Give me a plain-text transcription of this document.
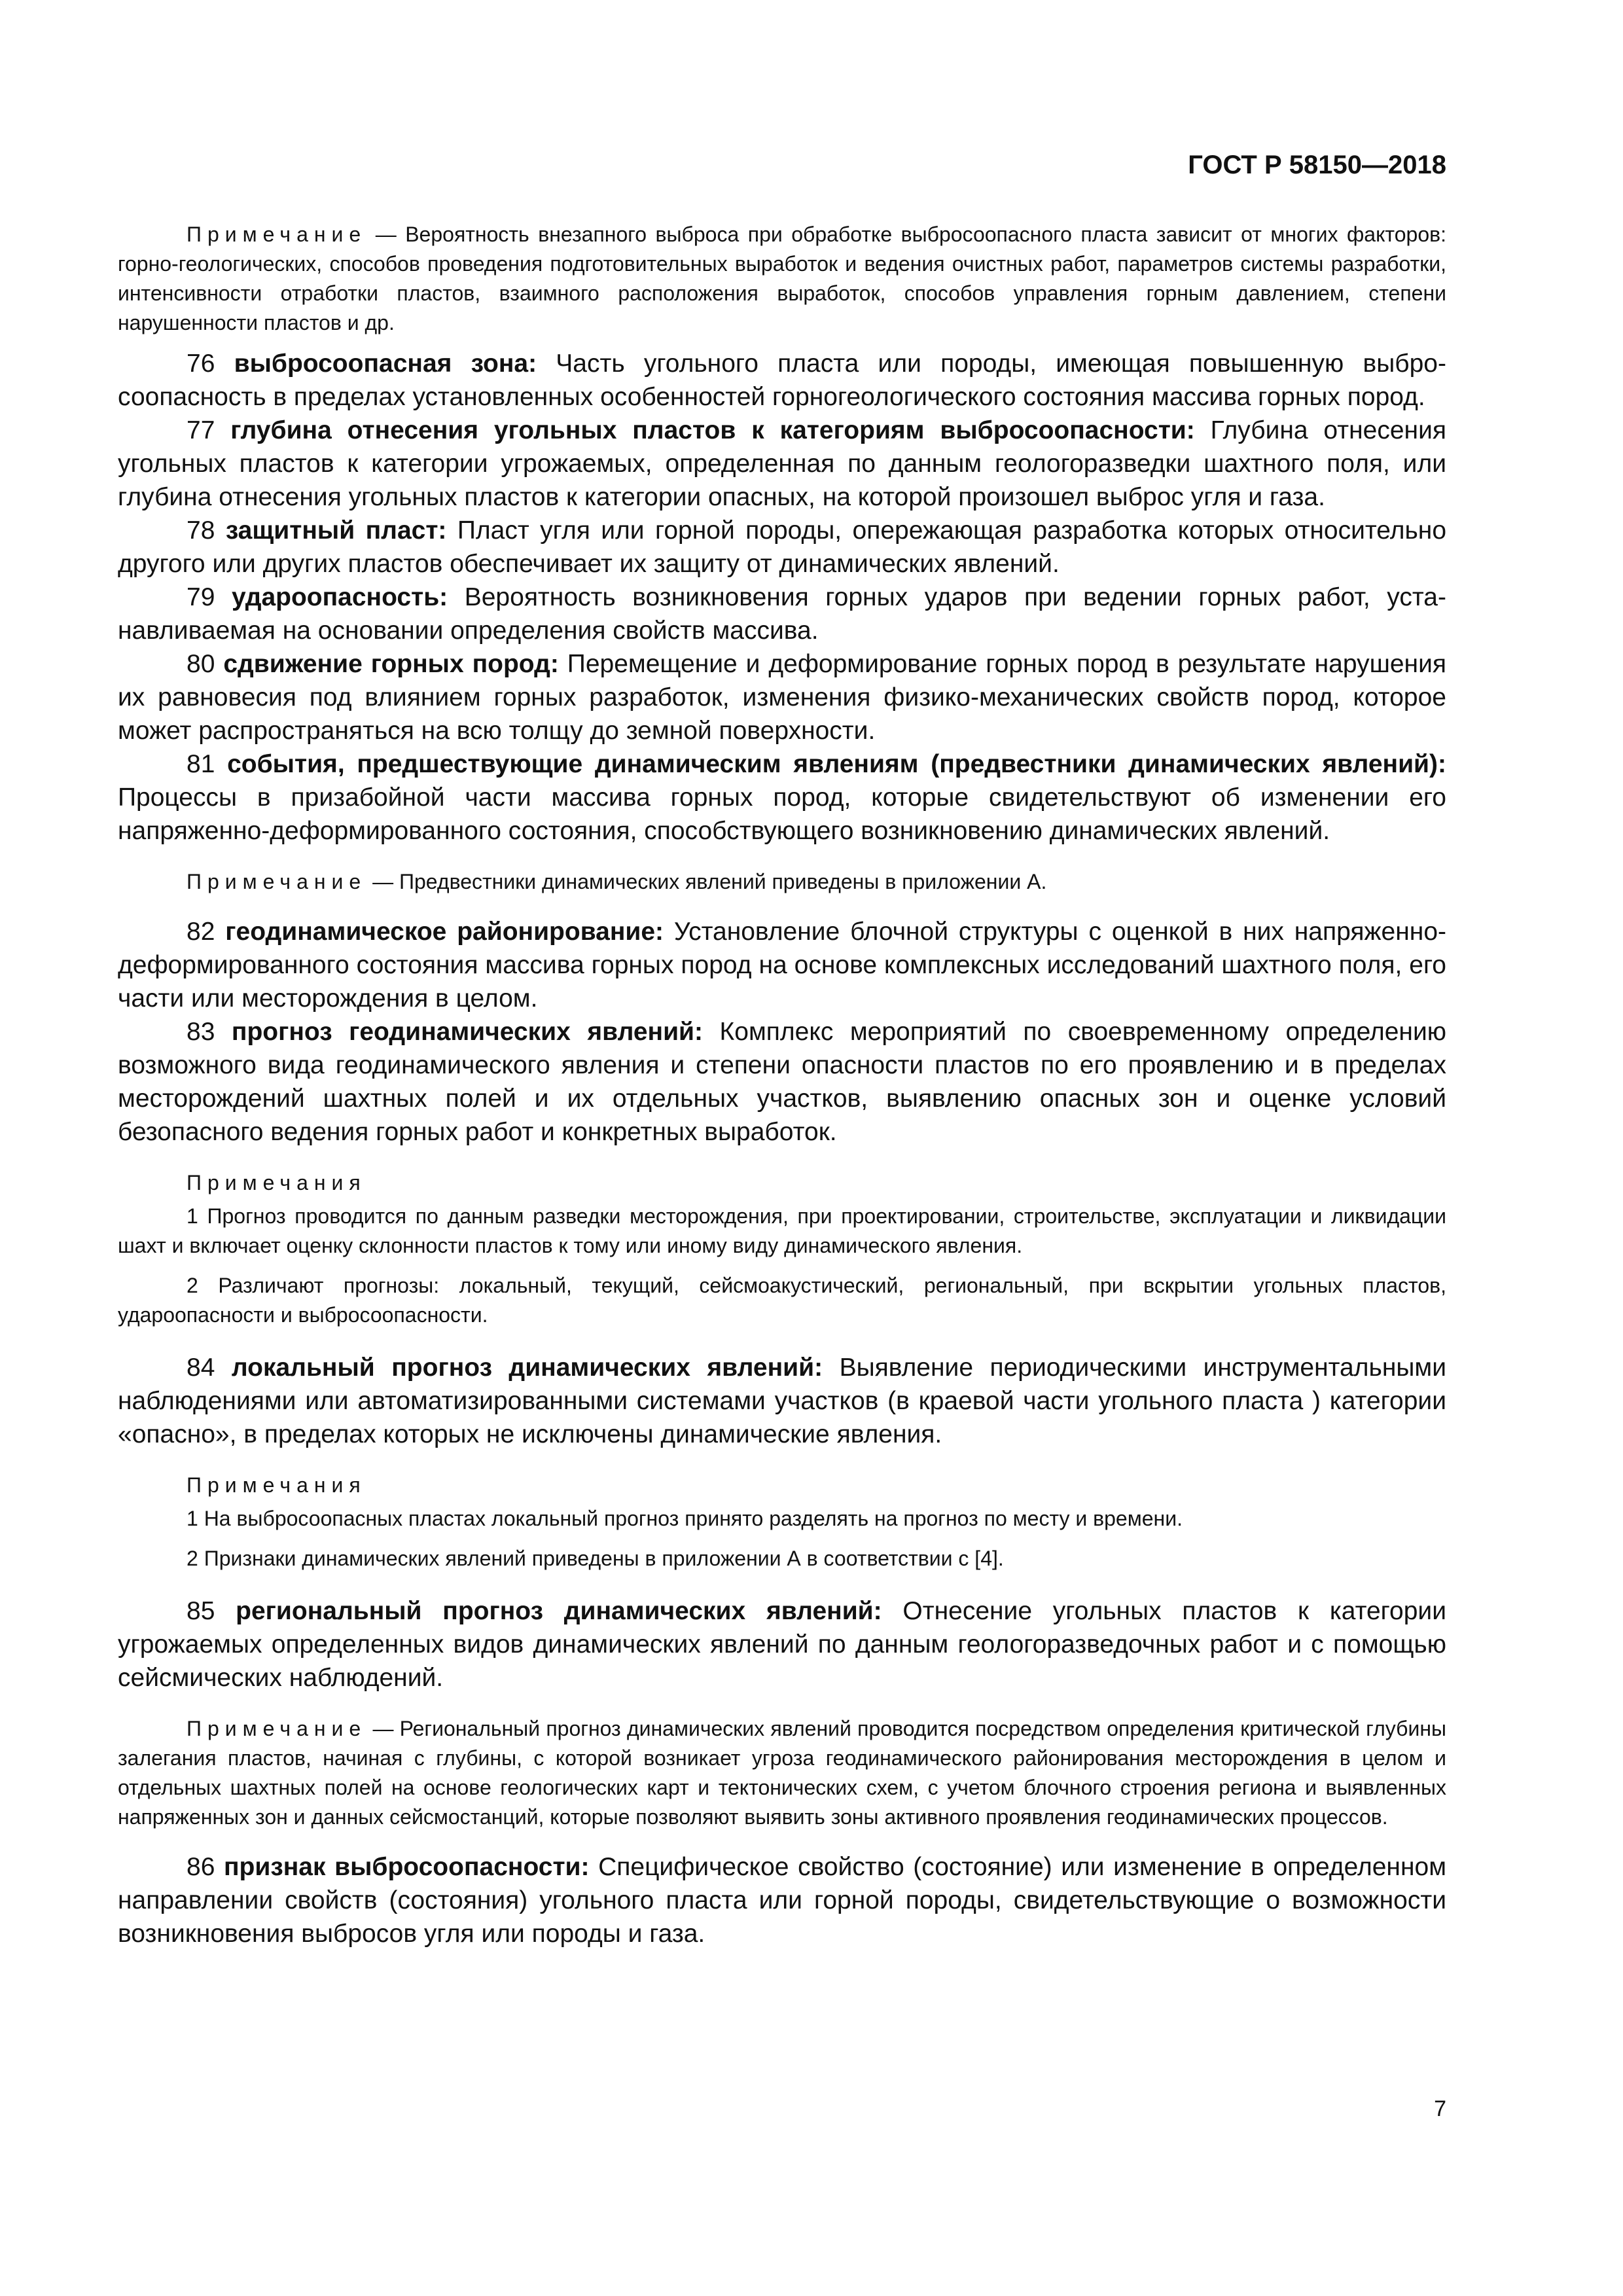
ГОСТ Р 58150—2018

Примечание — Вероятность внезапного выброса при обработке выбросоопасного пласта зависит от многих факторов: горно-геологических, способов проведения подготовительных выработок и ведения очистных работ, параметров системы разработки, интенсивности отработки пластов, взаимного расположения выработок, способов управления горным давлением, степени нарушенности пластов и др.

76 выбросоопасная зона: Часть угольного пласта или породы, имеющая повышенную выбросоопасность в пределах установленных особенностей горногеологического состояния массива горных пород.

77 глубина отнесения угольных пластов к категориям выбросоопасности: Глубина отнесения угольных пластов к категории угрожаемых, определенная по данным геологоразведки шахтного поля, или глубина отнесения угольных пластов к категории опасных, на которой произошел выброс угля и газа.

78 защитный пласт: Пласт угля или горной породы, опережающая разработка которых относительно другого или других пластов обеспечивает их защиту от динамических явлений.

79 удароопасность: Вероятность возникновения горных ударов при ведении горных работ, устанавливаемая на основании определения свойств массива.

80 сдвижение горных пород: Перемещение и деформирование горных пород в результате нарушения их равновесия под влиянием горных разработок, изменения физико-механических свойств пород, которое может распространяться на всю толщу до земной поверхности.

81 события, предшествующие динамическим явлениям (предвестники динамических явлений): Процессы в призабойной части массива горных пород, которые свидетельствуют об изменении его напряженно-деформированного состояния, способствующего возникновению динамических явлений.

Примечание — Предвестники динамических явлений приведены в приложении А.

82 геодинамическое районирование: Установление блочной структуры с оценкой в них напряженно-деформированного состояния массива горных пород на основе комплексных исследований шахтного поля, его части или месторождения в целом.

83 прогноз геодинамических явлений: Комплекс мероприятий по своевременному определению возможного вида геодинамического явления и степени опасности пластов по его проявлению и в пределах месторождений шахтных полей и их отдельных участков, выявлению опасных зон и оценке условий безопасного ведения горных работ и конкретных выработок.

Примечания

1 Прогноз проводится по данным разведки месторождения, при проектировании, строительстве, эксплуатации и ликвидации шахт и включает оценку склонности пластов к тому или иному виду динамического явления.

2 Различают прогнозы: локальный, текущий, сейсмоакустический, региональный, при вскрытии угольных пластов, удароопасности и выбросоопасности.

84 локальный прогноз динамических явлений: Выявление периодическими инструментальными наблюдениями или автоматизированными системами участков (в краевой части угольного пласта ) категории «опасно», в пределах которых не исключены динамические явления.

Примечания

1 На выбросоопасных пластах локальный прогноз принято разделять на прогноз по месту и времени.

2 Признаки динамических явлений приведены в приложении А в соответствии с [4].

85 региональный прогноз динамических явлений: Отнесение угольных пластов к категории угрожаемых определенных видов динамических явлений по данным геологоразведочных работ и с помощью сейсмических наблюдений.

Примечание — Региональный прогноз динамических явлений проводится посредством определения критической глубины залегания пластов, начиная с глубины, с которой возникает угроза геодинамического районирования месторождения в целом и отдельных шахтных полей на основе геологических карт и тектонических схем, с учетом блочного строения региона и выявленных напряженных зон и данных сейсмостанций, которые позволяют выявить зоны активного проявления геодинамических процессов.

86 признак выбросоопасности: Специфическое свойство (состояние) или изменение в определенном направлении свойств (состояния) угольного пласта или горной породы, свидетельствующие о возможности возникновения выбросов угля или породы и газа.

7
